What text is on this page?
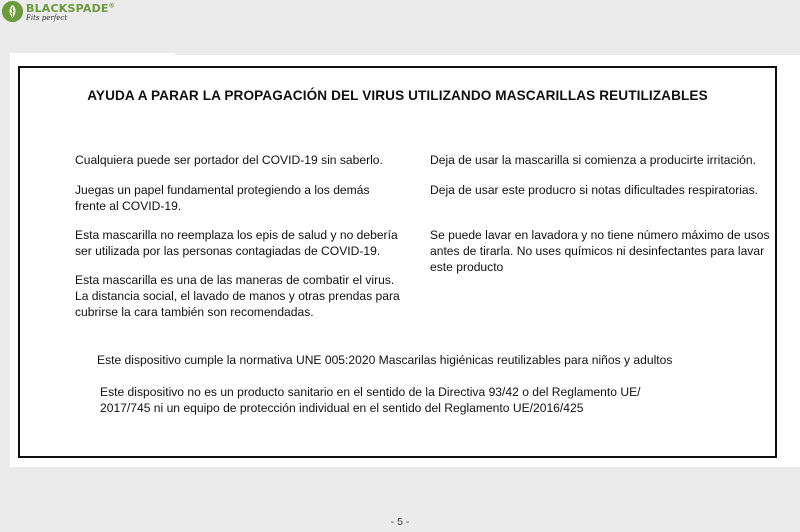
BLACKSPADE®
Fits perfect
AYUDA A PARAR LA PROPAGACIÓN DEL VIRUS UTILIZANDO MASCARILLAS REUTILIZABLES

Cualquiera puede ser portador del COVID-19 sin saberlo.

Juegas un papel fundamental protegiendo a los demás frente al COVID-19.

Esta mascarilla no reemplaza los epis de salud y no debería ser utilizada por las personas contagiadas de COVID-19.

Esta mascarilla es una de las maneras de combatir el virus. La distancia social, el lavado de manos y otras prendas para cubrirse la cara también son recomendadas.

Deja de usar la mascarilla si comienza a producirte irritación.

Deja de usar este producro si notas dificultades respiratorias.

Se puede lavar en lavadora y no tiene número máximo de usos antes de tirarla. No uses químicos ni desinfectantes para lavar este producto

Este dispositivo cumple la normativa UNE 005:2020 Mascarilas higiénicas reutilizables para niños y adultos

Este dispositivo no es un producto sanitario en el sentido de la Directiva 93/42 o del Reglamento UE/ 2017/745 ni un equipo de protección individual en el sentido del Reglamento UE/2016/425

- 5 -
